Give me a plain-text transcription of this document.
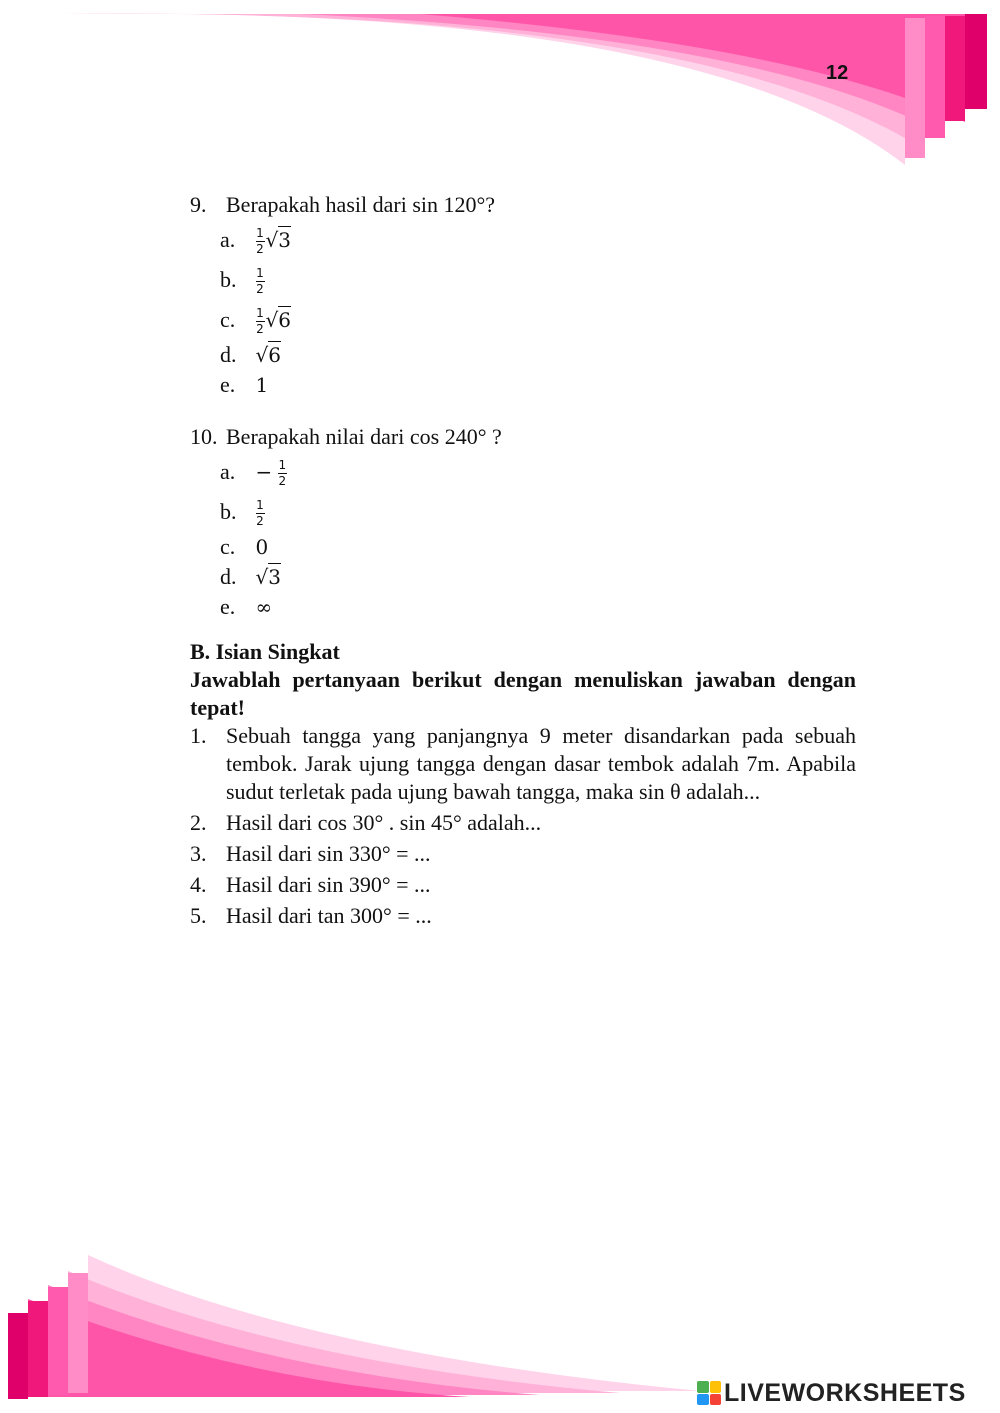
12
9. Berapakah hasil dari sin 120°?
a. $\frac{1}{2} √3$
b. $\frac{1}{2}$
c. $\frac{1}{2} √6$
d. √6
e. 1
10. Berapakah nilai dari cos 240° ?
a. − $\frac{1}{2}$
b. $\frac{1}{2}$
c. 0
d. √3
e. ∞
B. Isian Singkat
Jawablah pertanyaan berikut dengan menuliskan jawaban dengan tepat!
1. Sebuah tangga yang panjangnya 9 meter disandarkan pada sebuah tembok. Jarak ujung tangga dengan dasar tembok adalah 7m. Apabila sudut terletak pada ujung bawah tangga, maka sin θ adalah...
2. Hasil dari cos 30° . sin 45° adalah...
3. Hasil dari sin 330° = ...
4. Hasil dari sin 390° = ...
5. Hasil dari tan 300° = ...
LIVEWORKSHEETS
